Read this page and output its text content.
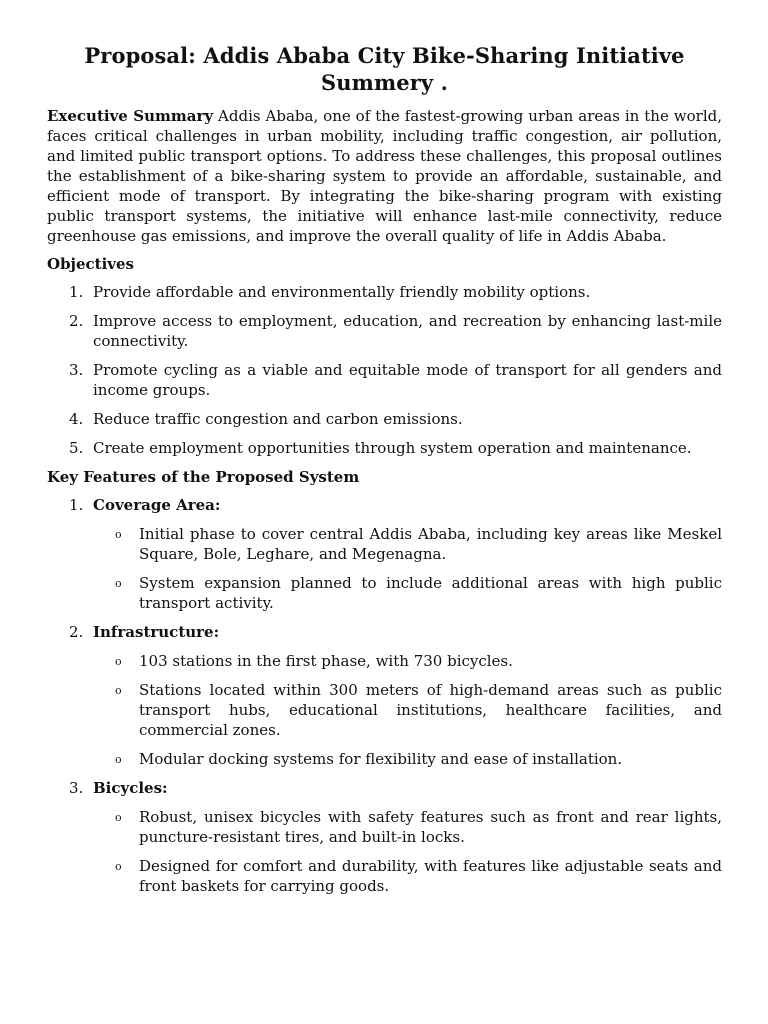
Proposal: Addis Ababa City Bike-Sharing Initiative Summery .

Executive Summary Addis Ababa, one of the fastest-growing urban areas in the world, faces critical challenges in urban mobility, including traffic congestion, air pollution, and limited public transport options. To address these challenges, this proposal outlines the establishment of a bike-sharing system to provide an affordable, sustainable, and efficient mode of transport. By integrating the bike-sharing program with existing public transport systems, the initiative will enhance last-mile connectivity, reduce greenhouse gas emissions, and improve the overall quality of life in Addis Ababa.

Objectives

1. Provide affordable and environmentally friendly mobility options.
2. Improve access to employment, education, and recreation by enhancing last-mile connectivity.
3. Promote cycling as a viable and equitable mode of transport for all genders and income groups.
4. Reduce traffic congestion and carbon emissions.
5. Create employment opportunities through system operation and maintenance.

Key Features of the Proposed System

1. Coverage Area:
o Initial phase to cover central Addis Ababa, including key areas like Meskel Square, Bole, Leghare, and Megenagna.
o System expansion planned to include additional areas with high public transport activity.
2. Infrastructure:
o 103 stations in the first phase, with 730 bicycles.
o Stations located within 300 meters of high-demand areas such as public transport hubs, educational institutions, healthcare facilities, and commercial zones.
o Modular docking systems for flexibility and ease of installation.
3. Bicycles:
o Robust, unisex bicycles with safety features such as front and rear lights, puncture-resistant tires, and built-in locks.
o Designed for comfort and durability, with features like adjustable seats and front baskets for carrying goods.
